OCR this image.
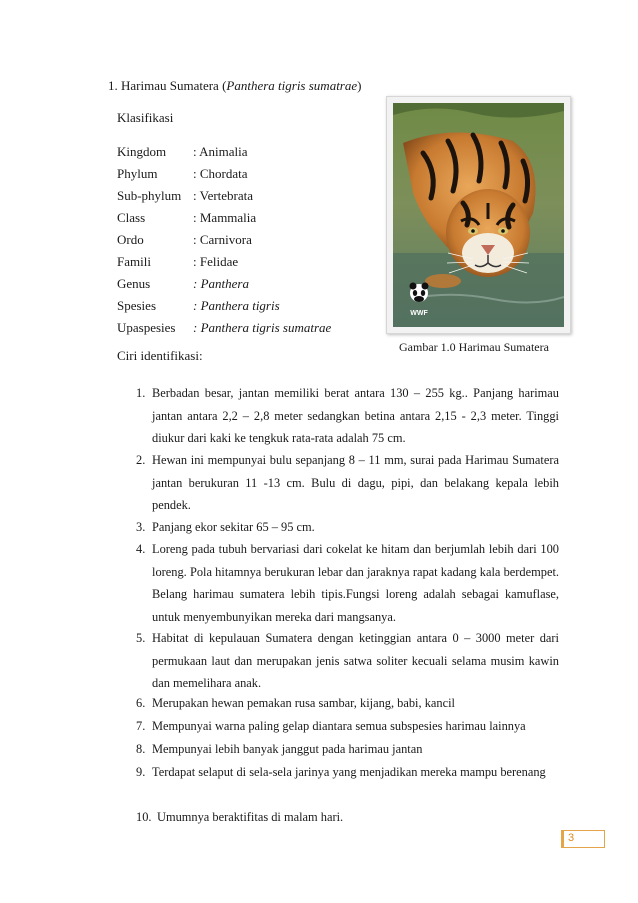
1. Harimau Sumatera (Panthera tigris sumatrae)
Klasifikasi
Kingdom : Animalia
Phylum	: Chordata
Sub-phylum : Vertebrata
Class	: Mammalia
Ordo	: Carnivora
Famili	: Felidae
Genus	: Panthera
Spesies	: Panthera tigris
Upaspesies : Panthera tigris sumatrae
WWF
Gambar 1.0 Harimau Sumatera
Ciri identifikasi:
1. Berbadan besar, jantan memiliki berat antara 130 – 255 kg.. Panjang harimau jantan antara 2,2 – 2,8 meter sedangkan betina antara 2,15 - 2,3 meter. Tinggi diukur dari kaki ke tengkuk rata-rata adalah 75 cm.
2. Hewan ini mempunyai bulu sepanjang 8 – 11 mm, surai pada Harimau Sumatera jantan berukuran 11 -13 cm. Bulu di dagu, pipi, dan belakang kepala lebih pendek.
3. Panjang ekor sekitar 65 – 95 cm.
4. Loreng pada tubuh bervariasi dari cokelat ke hitam dan berjumlah lebih dari 100 loreng. Pola hitamnya berukuran lebar dan jaraknya rapat kadang kala berdempet. Belang harimau sumatera lebih tipis.Fungsi loreng adalah sebagai kamuflase, untuk menyembunyikan mereka dari mangsanya.
5. Habitat di kepulauan Sumatera dengan ketinggian antara 0 – 3000 meter dari permukaan laut dan merupakan jenis satwa soliter kecuali selama musim kawin dan memelihara anak.
6. Merupakan hewan pemakan rusa sambar, kijang, babi, kancil
7. Mempunyai warna paling gelap diantara semua subspesies harimau lainnya
8. Mempunyai lebih banyak janggut pada harimau jantan
9. Terdapat selaput di sela-sela jarinya yang menjadikan mereka mampu berenang
10. Umumnya beraktifitas di malam hari.
3
